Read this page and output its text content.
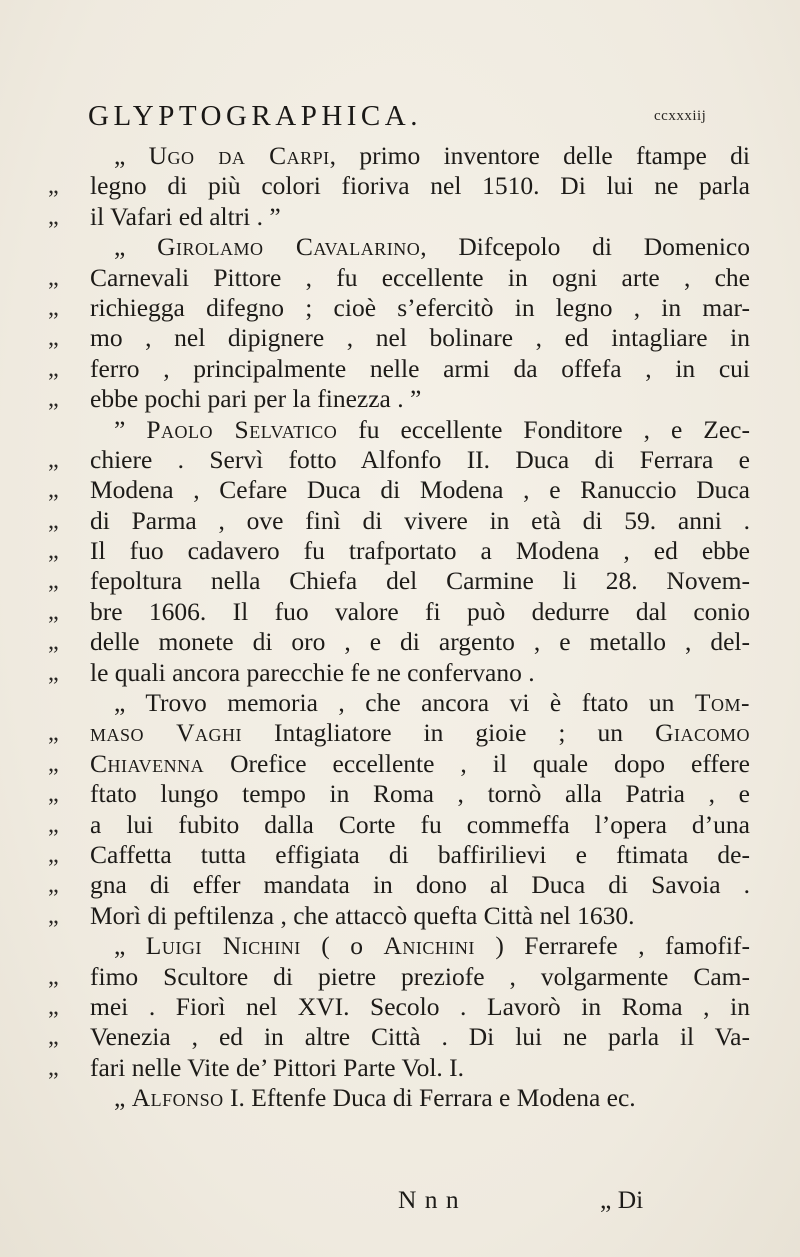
GLYPTOGRAPHICA.	ccxxxiij
„ Ugo da Carpi, primo inventore delle ftampe di
„	legno di più colori fioriva nel 1510. Di lui ne parla
„	il Vafari ed altri . ”
„ Girolamo Cavalarino, Difcepolo di Domenico
„	Carnevali Pittore , fu eccellente in ogni arte , che
„	richiegga difegno ; cioè s’efercitò in legno , in mar-
„	mo , nel dipignere , nel bolinare , ed intagliare in
„	ferro , principalmente nelle armi da offefa , in cui
„	ebbe pochi pari per la finezza . ”
” Paolo Selvatico fu eccellente Fonditore , e Zec-
„	chiere . Servì fotto Alfonfo II. Duca di Ferrara e
„	Modena , Cefare Duca di Modena , e Ranuccio Duca
„	di Parma , ove finì di vivere in età di 59. anni .
„	Il fuo cadavero fu trafportato a Modena , ed ebbe
„	fepoltura nella Chiefa del Carmine li 28. Novem-
„	bre 1606. Il fuo valore fi può dedurre dal conio
„	delle monete di oro , e di argento , e metallo , del-
„	le quali ancora parecchie fe ne confervano .
„ Trovo memoria , che ancora vi è ftato un Tom-
„	maso Vaghi Intagliatore in gioie ; un Giacomo
„	Chiavenna Orefice eccellente , il quale dopo effere
„	ftato lungo tempo in Roma , tornò alla Patria , e
„	a lui fubito dalla Corte fu commeffa l’opera d’una
„	Caffetta tutta effigiata di baffirilievi e ftimata de-
„	gna di effer mandata in dono al Duca di Savoia .
„	Morì di peftilenza , che attaccò quefta Città nel 1630.
„ Luigi Nichini ( o Anichini ) Ferrarefe , famofif-
„	fimo Scultore di pietre preziofe , volgarmente Cam-
„	mei . Fiorì nel XVI. Secolo . Lavorò in Roma , in
„	Venezia , ed in altre Città . Di lui ne parla il Va-
„	fari nelle Vite de’ Pittori Parte Vol. I.
„ Alfonso I. Eftenfe Duca di Ferrara e Modena ec.
N n n	„ Di
